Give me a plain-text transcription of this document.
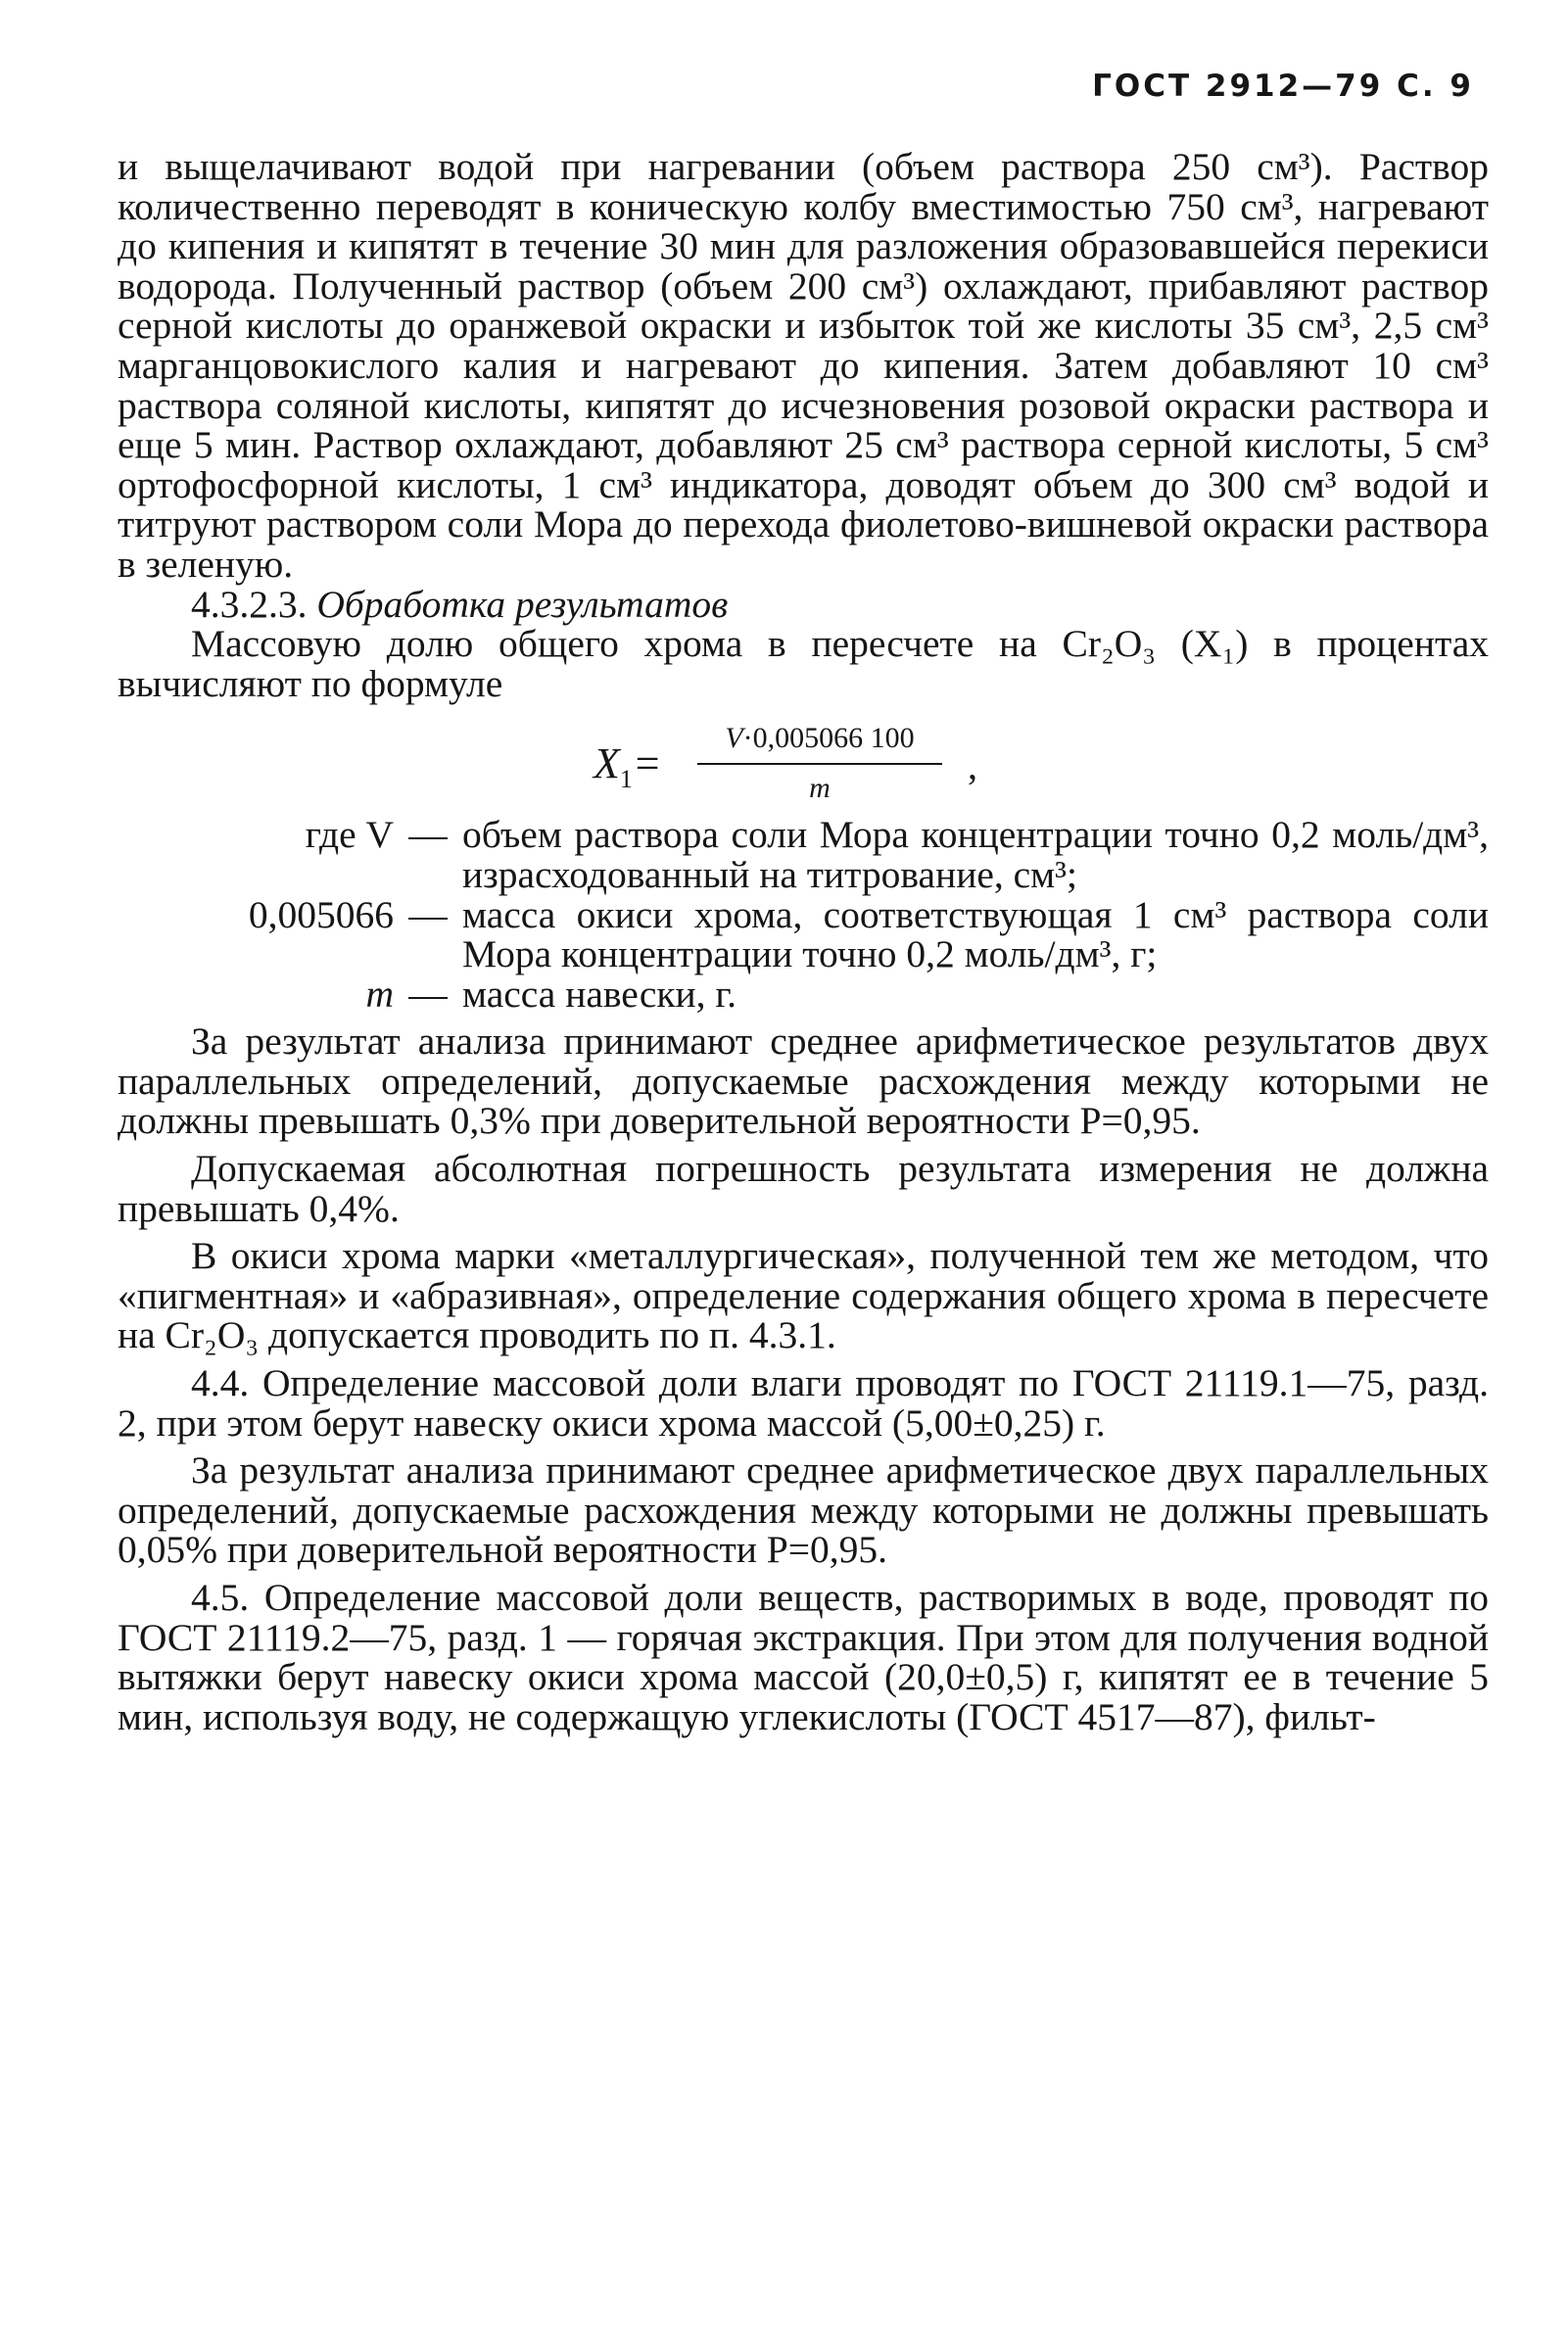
ГОСТ 2912—79 С. 9

и выщелачивают водой при нагревании (объем раствора 250 см³). Раствор количественно переводят в коническую колбу вместимостью 750 см³, нагревают до кипения и кипятят в течение 30 мин для разложения образовавшейся перекиси водорода. Полученный раствор (объем 200 см³) охлаждают, прибавляют раствор серной кислоты до оранжевой окраски и избыток той же кислоты 35 см³, 2,5 см³ марганцовокислого калия и нагревают до кипения. Затем добавляют 10 см³ раствора соляной кислоты, кипятят до исчезновения розовой окраски раствора и еще 5 мин. Раствор охлаждают, добавляют 25 см³ раствора серной кислоты, 5 см³ ортофосфорной кислоты, 1 см³ индикатора, доводят объем до 300 см³ водой и титруют раствором соли Мора до перехода фиолетово-вишневой окраски раствора в зеленую.

4.3.2.3. Обработка результатов

Массовую долю общего хрома в пересчете на Cr₂O₃ (X₁) в процентах вычисляют по формуле

$X_1= \frac{V\cdot 0,005066 100}{m}$ ,
где V — объем раствора соли Мора концентрации точно 0,2 моль/дм³, израсходованный на титрование, см³;
0,005066 — масса окиси хрома, соответствующая 1 см³ раствора соли Мора концентрации точно 0,2 моль/дм³, г;
m — масса навески, г.

За результат анализа принимают среднее арифметическое результатов двух параллельных определений, допускаемые расхождения между которыми не должны превышать 0,3% при доверительной вероятности P=0,95.

Допускаемая абсолютная погрешность результата измерения не должна превышать 0,4%.

В окиси хрома марки «металлургическая», полученной тем же методом, что «пигментная» и «абразивная», определение содержания общего хрома в пересчете на Cr₂O₃ допускается проводить по п. 4.3.1.

4.4. Определение массовой доли влаги проводят по ГОСТ 21119.1—75, разд. 2, при этом берут навеску окиси хрома массой (5,00±0,25) г.

За результат анализа принимают среднее арифметическое двух параллельных определений, допускаемые расхождения между которыми не должны превышать 0,05% при доверительной вероятности P=0,95.

4.5. Определение массовой доли веществ, растворимых в воде, проводят по ГОСТ 21119.2—75, разд. 1 — горячая экстракция. При этом для получения водной вытяжки берут навеску окиси хрома массой (20,0±0,5) г, кипятят ее в течение 5 мин, используя воду, не содержащую углекислоты (ГОСТ 4517—87), фильт-
